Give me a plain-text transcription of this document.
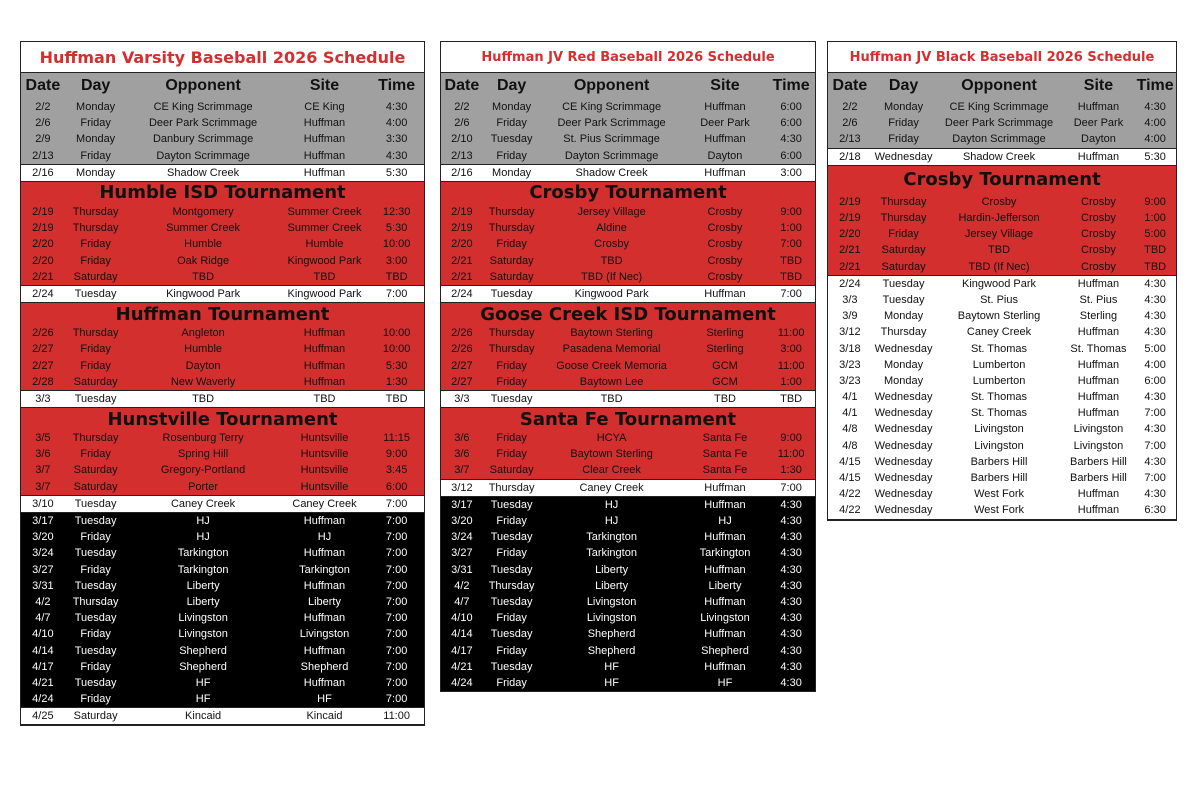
Huffman Varsity Baseball 2026 Schedule
Date	Day	Opponent	Site	Time
2/2	Monday	CE King Scrimmage	CE King	4:30
2/6	Friday	Deer Park Scrimmage	Huffman	4:00
2/9	Monday	Danbury Scrimmage	Huffman	3:30
2/13	Friday	Dayton Scrimmage	Huffman	4:30
2/16	Monday	Shadow Creek	Huffman	5:30
Humble ISD Tournament
2/19	Thursday	Montgomery	Summer Creek	12:30
2/19	Thursday	Summer Creek	Summer Creek	5:30
2/20	Friday	Humble	Humble	10:00
2/20	Friday	Oak Ridge	Kingwood Park	3:00
2/21	Saturday	TBD	TBD	TBD
2/24	Tuesday	Kingwood Park	Kingwood Park	7:00
Huffman Tournament
2/26	Thursday	Angleton	Huffman	10:00
2/27	Friday	Humble	Huffman	10:00
2/27	Friday	Dayton	Huffman	5:30
2/28	Saturday	New Waverly	Huffman	1:30
3/3	Tuesday	TBD	TBD	TBD
Hunstville Tournament
3/5	Thursday	Rosenburg Terry	Huntsville	11:15
3/6	Friday	Spring Hill	Huntsville	9:00
3/7	Saturday	Gregory-Portland	Huntsville	3:45
3/7	Saturday	Porter	Huntsville	6:00
3/10	Tuesday	Caney Creek	Caney Creek	7:00
3/17	Tuesday	HJ	Huffman	7:00
3/20	Friday	HJ	HJ	7:00
3/24	Tuesday	Tarkington	Huffman	7:00
3/27	Friday	Tarkington	Tarkington	7:00
3/31	Tuesday	Liberty	Huffman	7:00
4/2	Thursday	Liberty	Liberty	7:00
4/7	Tuesday	Livingston	Huffman	7:00
4/10	Friday	Livingston	Livingston	7:00
4/14	Tuesday	Shepherd	Huffman	7:00
4/17	Friday	Shepherd	Shepherd	7:00
4/21	Tuesday	HF	Huffman	7:00
4/24	Friday	HF	HF	7:00
4/25	Saturday	Kincaid	Kincaid	11:00
Huffman JV Red Baseball 2026 Schedule
Date	Day	Opponent	Site	Time
2/2	Monday	CE King Scrimmage	Huffman	6:00
2/6	Friday	Deer Park Scrimmage	Deer Park	6:00
2/10	Tuesday	St. Pius Scrimmage	Huffman	4:30
2/13	Friday	Dayton Scrimmage	Dayton	6:00
2/16	Monday	Shadow Creek	Huffman	3:00
Crosby Tournament
2/19	Thursday	Jersey Village	Crosby	9:00
2/19	Thursday	Aldine	Crosby	1:00
2/20	Friday	Crosby	Crosby	7:00
2/21	Saturday	TBD	Crosby	TBD
2/21	Saturday	TBD (If Nec)	Crosby	TBD
2/24	Tuesday	Kingwood Park	Huffman	7:00
Goose Creek ISD Tournament
2/26	Thursday	Baytown Sterling	Sterling	11:00
2/26	Thursday	Pasadena Memorial	Sterling	3:00
2/27	Friday	Goose Creek Memoria	GCM	11:00
2/27	Friday	Baytown Lee	GCM	1:00
3/3	Tuesday	TBD	TBD	TBD
Santa Fe Tournament
3/6	Friday	HCYA	Santa Fe	9:00
3/6	Friday	Baytown Sterling	Santa Fe	11:00
3/7	Saturday	Clear Creek	Santa Fe	1:30
3/12	Thursday	Caney Creek	Huffman	7:00
3/17	Tuesday	HJ	Huffman	4:30
3/20	Friday	HJ	HJ	4:30
3/24	Tuesday	Tarkington	Huffman	4:30
3/27	Friday	Tarkington	Tarkington	4:30
3/31	Tuesday	Liberty	Huffman	4:30
4/2	Thursday	Liberty	Liberty	4:30
4/7	Tuesday	Livingston	Huffman	4:30
4/10	Friday	Livingston	Livingston	4:30
4/14	Tuesday	Shepherd	Huffman	4:30
4/17	Friday	Shepherd	Shepherd	4:30
4/21	Tuesday	HF	Huffman	4:30
4/24	Friday	HF	HF	4:30
Huffman JV Black Baseball 2026 Schedule
Date	Day	Opponent	Site	Time
2/2	Monday	CE King Scrimmage	Huffman	4:30
2/6	Friday	Deer Park Scrimmage	Deer Park	4:00
2/13	Friday	Dayton Scrimmage	Dayton	4:00
2/18	Wednesday	Shadow Creek	Huffman	5:30
Crosby Tournament
2/19	Thursday	Crosby	Crosby	9:00
2/19	Thursday	Hardin-Jefferson	Crosby	1:00
2/20	Friday	Jersey Village	Crosby	5:00
2/21	Saturday	TBD	Crosby	TBD
2/21	Saturday	TBD (If Nec)	Crosby	TBD
2/24	Tuesday	Kingwood Park	Huffman	4:30
3/3	Tuesday	St. Pius	St. Pius	4:30
3/9	Monday	Baytown Sterling	Sterling	4:30
3/12	Thursday	Caney Creek	Huffman	4:30
3/18	Wednesday	St. Thomas	St. Thomas	5:00
3/23	Monday	Lumberton	Huffman	4:00
3/23	Monday	Lumberton	Huffman	6:00
4/1	Wednesday	St. Thomas	Huffman	4:30
4/1	Wednesday	St. Thomas	Huffman	7:00
4/8	Wednesday	Livingston	Livingston	4:30
4/8	Wednesday	Livingston	Livingston	7:00
4/15	Wednesday	Barbers Hill	Barbers Hill	4:30
4/15	Wednesday	Barbers Hill	Barbers Hill	7:00
4/22	Wednesday	West Fork	Huffman	4:30
4/22	Wednesday	West Fork	Huffman	6:30
